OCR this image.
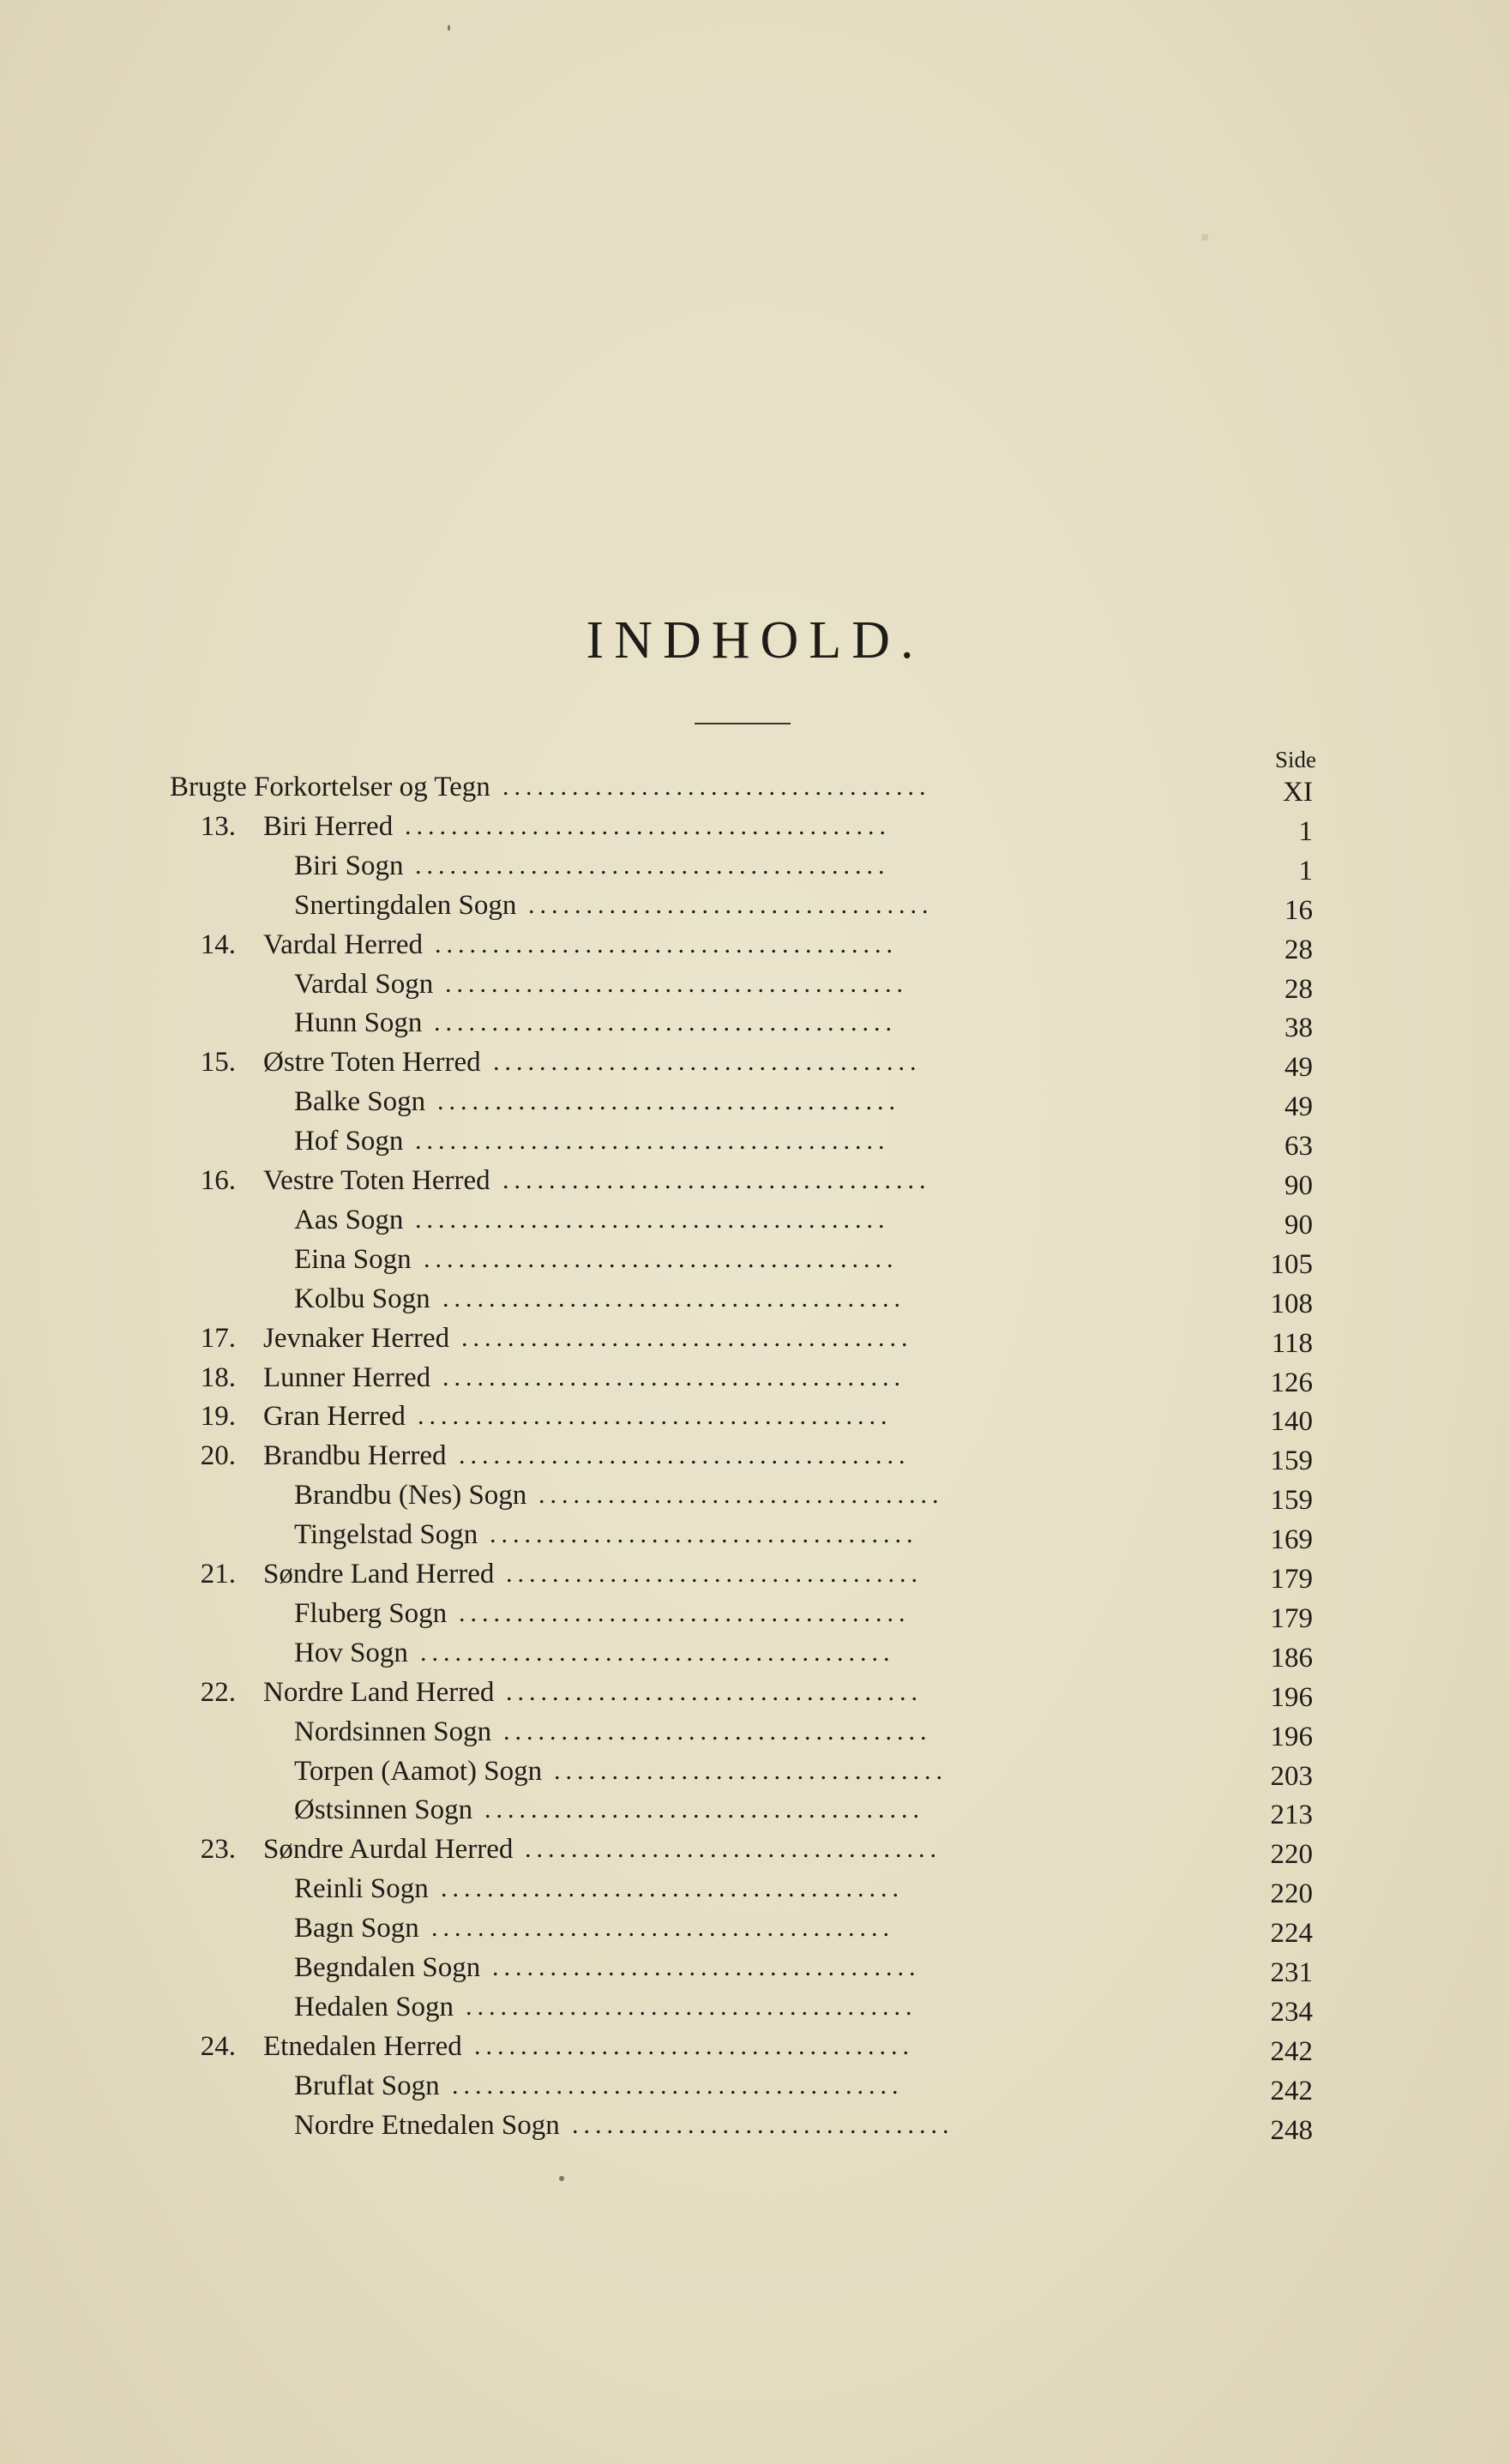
▪
INDHOLD.
Side
Brugte Forkortelser og Tegn .....................................	XI
13. Biri Herred ..........................................	1
Biri Sogn .........................................	1
Snertingdalen Sogn ...................................	16
14. Vardal Herred ........................................	28
Vardal Sogn ........................................	28
Hunn Sogn ........................................	38
15. Østre Toten Herred .....................................	49
Balke Sogn ........................................	49
Hof Sogn .........................................	63
16. Vestre Toten Herred .....................................	90
Aas Sogn .........................................	90
Eina Sogn .........................................	105
Kolbu Sogn ........................................	108
17. Jevnaker Herred .......................................	118
18. Lunner Herred ........................................	126
19. Gran Herred .........................................	140
20. Brandbu Herred .......................................	159
Brandbu (Nes) Sogn ...................................	159
Tingelstad Sogn .....................................	169
21. Søndre Land Herred ....................................	179
Fluberg Sogn .......................................	179
Hov Sogn .........................................	186
22. Nordre Land Herred ....................................	196
Nordsinnen Sogn .....................................	196
Torpen (Aamot) Sogn ..................................	203
Østsinnen Sogn ......................................	213
23. Søndre Aurdal Herred ....................................	220
Reinli Sogn ........................................	220
Bagn Sogn ........................................	224
Begndalen Sogn .....................................	231
Hedalen Sogn .......................................	234
24. Etnedalen Herred ......................................	242
Bruflat Sogn .......................................	242
Nordre Etnedalen Sogn .................................	248
